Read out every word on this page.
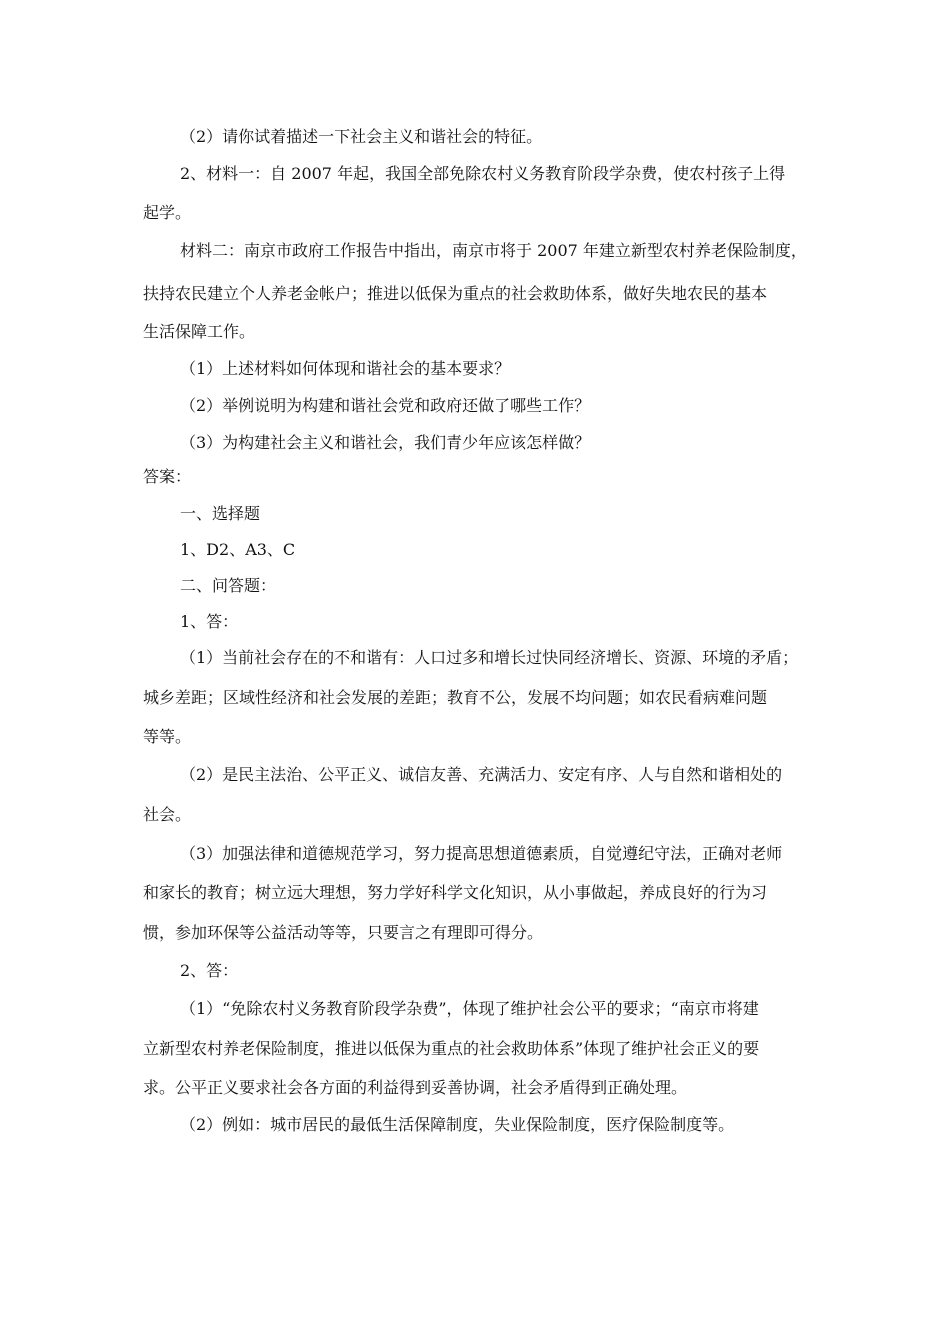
（2）请你试着描述一下社会主义和谐社会的特征。
2、材料一：自 2007 年起，我国全部免除农村义务教育阶段学杂费，使农村孩子上得
起学。
材料二：南京市政府工作报告中指出，南京市将于 2007 年建立新型农村养老保险制度，
扶持农民建立个人养老金帐户；推进以低保为重点的社会救助体系，做好失地农民的基本
生活保障工作。
（1）上述材料如何体现和谐社会的基本要求？
（2）举例说明为构建和谐社会党和政府还做了哪些工作？
（3）为构建社会主义和谐社会，我们青少年应该怎样做？
答案：
一、选择题
1、D2、A3、C
二、问答题：
1、答：
（1）当前社会存在的不和谐有：人口过多和增长过快同经济增长、资源、环境的矛盾；
城乡差距；区域性经济和社会发展的差距；教育不公，发展不均问题；如农民看病难问题
等等。
（2）是民主法治、公平正义、诚信友善、充满活力、安定有序、人与自然和谐相处的
社会。
（3）加强法律和道德规范学习，努力提高思想道德素质，自觉遵纪守法，正确对老师
和家长的教育；树立远大理想，努力学好科学文化知识，从小事做起，养成良好的行为习
惯，参加环保等公益活动等等，只要言之有理即可得分。
2、答：
（1）“免除农村义务教育阶段学杂费”，体现了维护社会公平的要求；“南京市将建
立新型农村养老保险制度，推进以低保为重点的社会救助体系”体现了维护社会正义的要
求。公平正义要求社会各方面的利益得到妥善协调，社会矛盾得到正确处理。
（2）例如：城市居民的最低生活保障制度，失业保险制度，医疗保险制度等。
